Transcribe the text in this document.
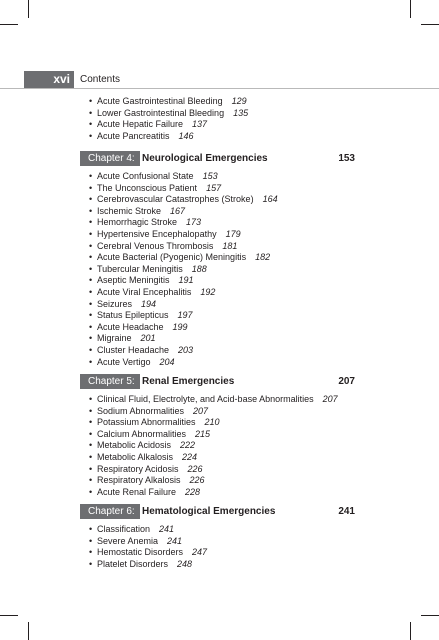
xvi	Contents
• Acute Gastrointestinal Bleeding 129
• Lower Gastrointestinal Bleeding 135
• Acute Hepatic Failure 137
• Acute Pancreatitis 146
Chapter 4: Neurological Emergencies	153
• Acute Confusional State 153
• The Unconscious Patient 157
• Cerebrovascular Catastrophes (Stroke) 164
• Ischemic Stroke 167
• Hemorrhagic Stroke 173
• Hypertensive Encephalopathy 179
• Cerebral Venous Thrombosis 181
• Acute Bacterial (Pyogenic) Meningitis 182
• Tubercular Meningitis 188
• Aseptic Meningitis 191
• Acute Viral Encephalitis 192
• Seizures 194
• Status Epilepticus 197
• Acute Headache 199
• Migraine 201
• Cluster Headache 203
• Acute Vertigo 204
Chapter 5: Renal Emergencies	207
• Clinical Fluid, Electrolyte, and Acid-base Abnormalities 207
• Sodium Abnormalities 207
• Potassium Abnormalities 210
• Calcium Abnormalities 215
• Metabolic Acidosis 222
• Metabolic Alkalosis 224
• Respiratory Acidosis 226
• Respiratory Alkalosis 226
• Acute Renal Failure 228
Chapter 6: Hematological Emergencies	241
• Classification 241
• Severe Anemia 241
• Hemostatic Disorders 247
• Platelet Disorders 248
